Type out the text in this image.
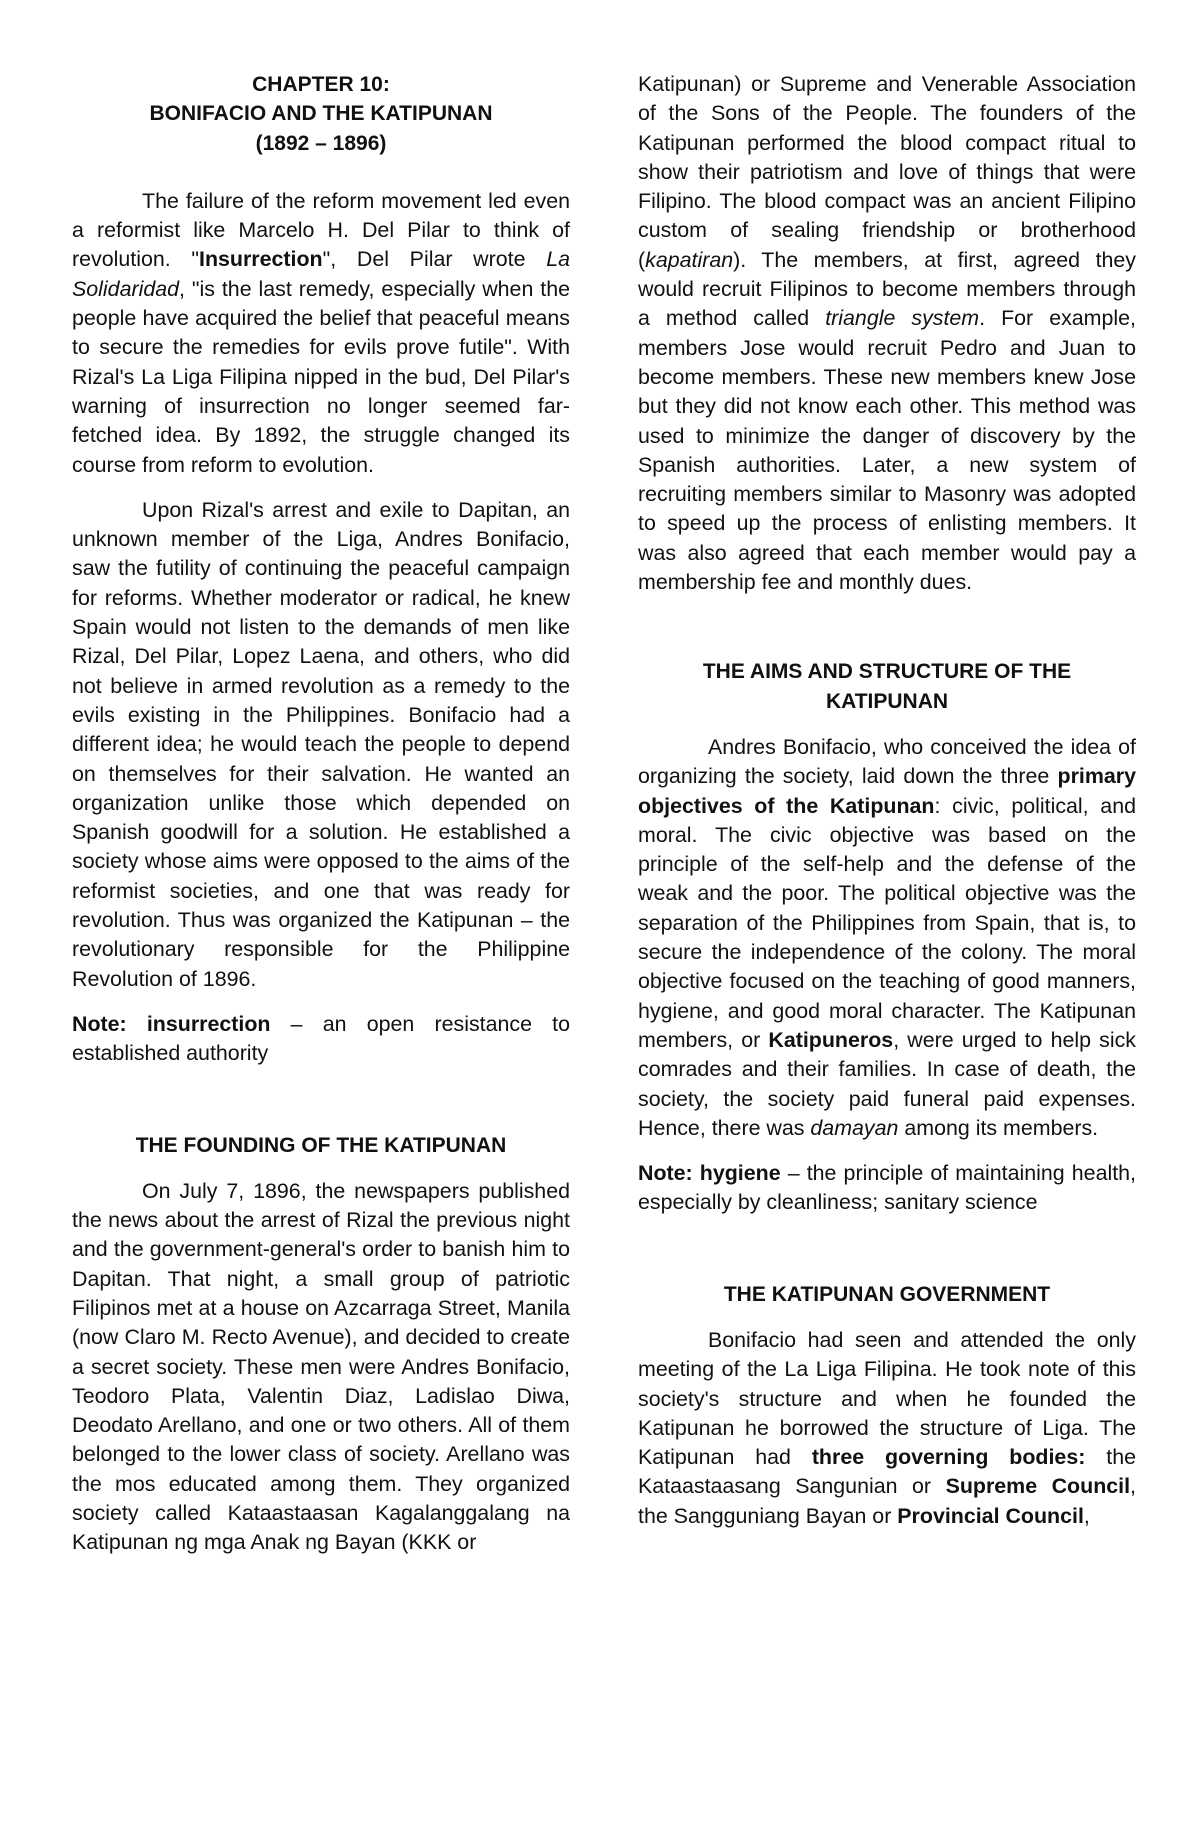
CHAPTER 10:
BONIFACIO AND THE KATIPUNAN
(1892 – 1896)

The failure of the reform movement led even a reformist like Marcelo H. Del Pilar to think of revolution. "Insurrection", Del Pilar wrote La Solidaridad, "is the last remedy, especially when the people have acquired the belief that peaceful means to secure the remedies for evils prove futile". With Rizal's La Liga Filipina nipped in the bud, Del Pilar's warning of insurrection no longer seemed far-fetched idea. By 1892, the struggle changed its course from reform to evolution.

Upon Rizal's arrest and exile to Dapitan, an unknown member of the Liga, Andres Bonifacio, saw the futility of continuing the peaceful campaign for reforms. Whether moderator or radical, he knew Spain would not listen to the demands of men like Rizal, Del Pilar, Lopez Laena, and others, who did not believe in armed revolution as a remedy to the evils existing in the Philippines. Bonifacio had a different idea; he would teach the people to depend on themselves for their salvation. He wanted an organization unlike those which depended on Spanish goodwill for a solution. He established a society whose aims were opposed to the aims of the reformist societies, and one that was ready for revolution. Thus was organized the Katipunan – the revolutionary responsible for the Philippine Revolution of 1896.

Note: insurrection – an open resistance to established authority

THE FOUNDING OF THE KATIPUNAN

On July 7, 1896, the newspapers published the news about the arrest of Rizal the previous night and the government-general's order to banish him to Dapitan. That night, a small group of patriotic Filipinos met at a house on Azcarraga Street, Manila (now Claro M. Recto Avenue), and decided to create a secret society. These men were Andres Bonifacio, Teodoro Plata, Valentin Diaz, Ladislao Diwa, Deodato Arellano, and one or two others. All of them belonged to the lower class of society. Arellano was the mos educated among them. They organized society called Kataastaasan Kagalanggalang na Katipunan ng mga Anak ng Bayan (KKK or

Katipunan) or Supreme and Venerable Association of the Sons of the People. The founders of the Katipunan performed the blood compact ritual to show their patriotism and love of things that were Filipino. The blood compact was an ancient Filipino custom of sealing friendship or brotherhood (kapatiran). The members, at first, agreed they would recruit Filipinos to become members through a method called triangle system. For example, members Jose would recruit Pedro and Juan to become members. These new members knew Jose but they did not know each other. This method was used to minimize the danger of discovery by the Spanish authorities. Later, a new system of recruiting members similar to Masonry was adopted to speed up the process of enlisting members. It was also agreed that each member would pay a membership fee and monthly dues.

THE AIMS AND STRUCTURE OF THE
KATIPUNAN

Andres Bonifacio, who conceived the idea of organizing the society, laid down the three primary objectives of the Katipunan: civic, political, and moral. The civic objective was based on the principle of the self-help and the defense of the weak and the poor. The political objective was the separation of the Philippines from Spain, that is, to secure the independence of the colony. The moral objective focused on the teaching of good manners, hygiene, and good moral character. The Katipunan members, or Katipuneros, were urged to help sick comrades and their families. In case of death, the society, the society paid funeral paid expenses. Hence, there was damayan among its members.

Note: hygiene – the principle of maintaining health, especially by cleanliness; sanitary science

THE KATIPUNAN GOVERNMENT

Bonifacio had seen and attended the only meeting of the La Liga Filipina. He took note of this society's structure and when he founded the Katipunan he borrowed the structure of Liga. The Katipunan had three governing bodies: the Kataastaasang Sangunian or Supreme Council, the Sangguniang Bayan or Provincial Council,
